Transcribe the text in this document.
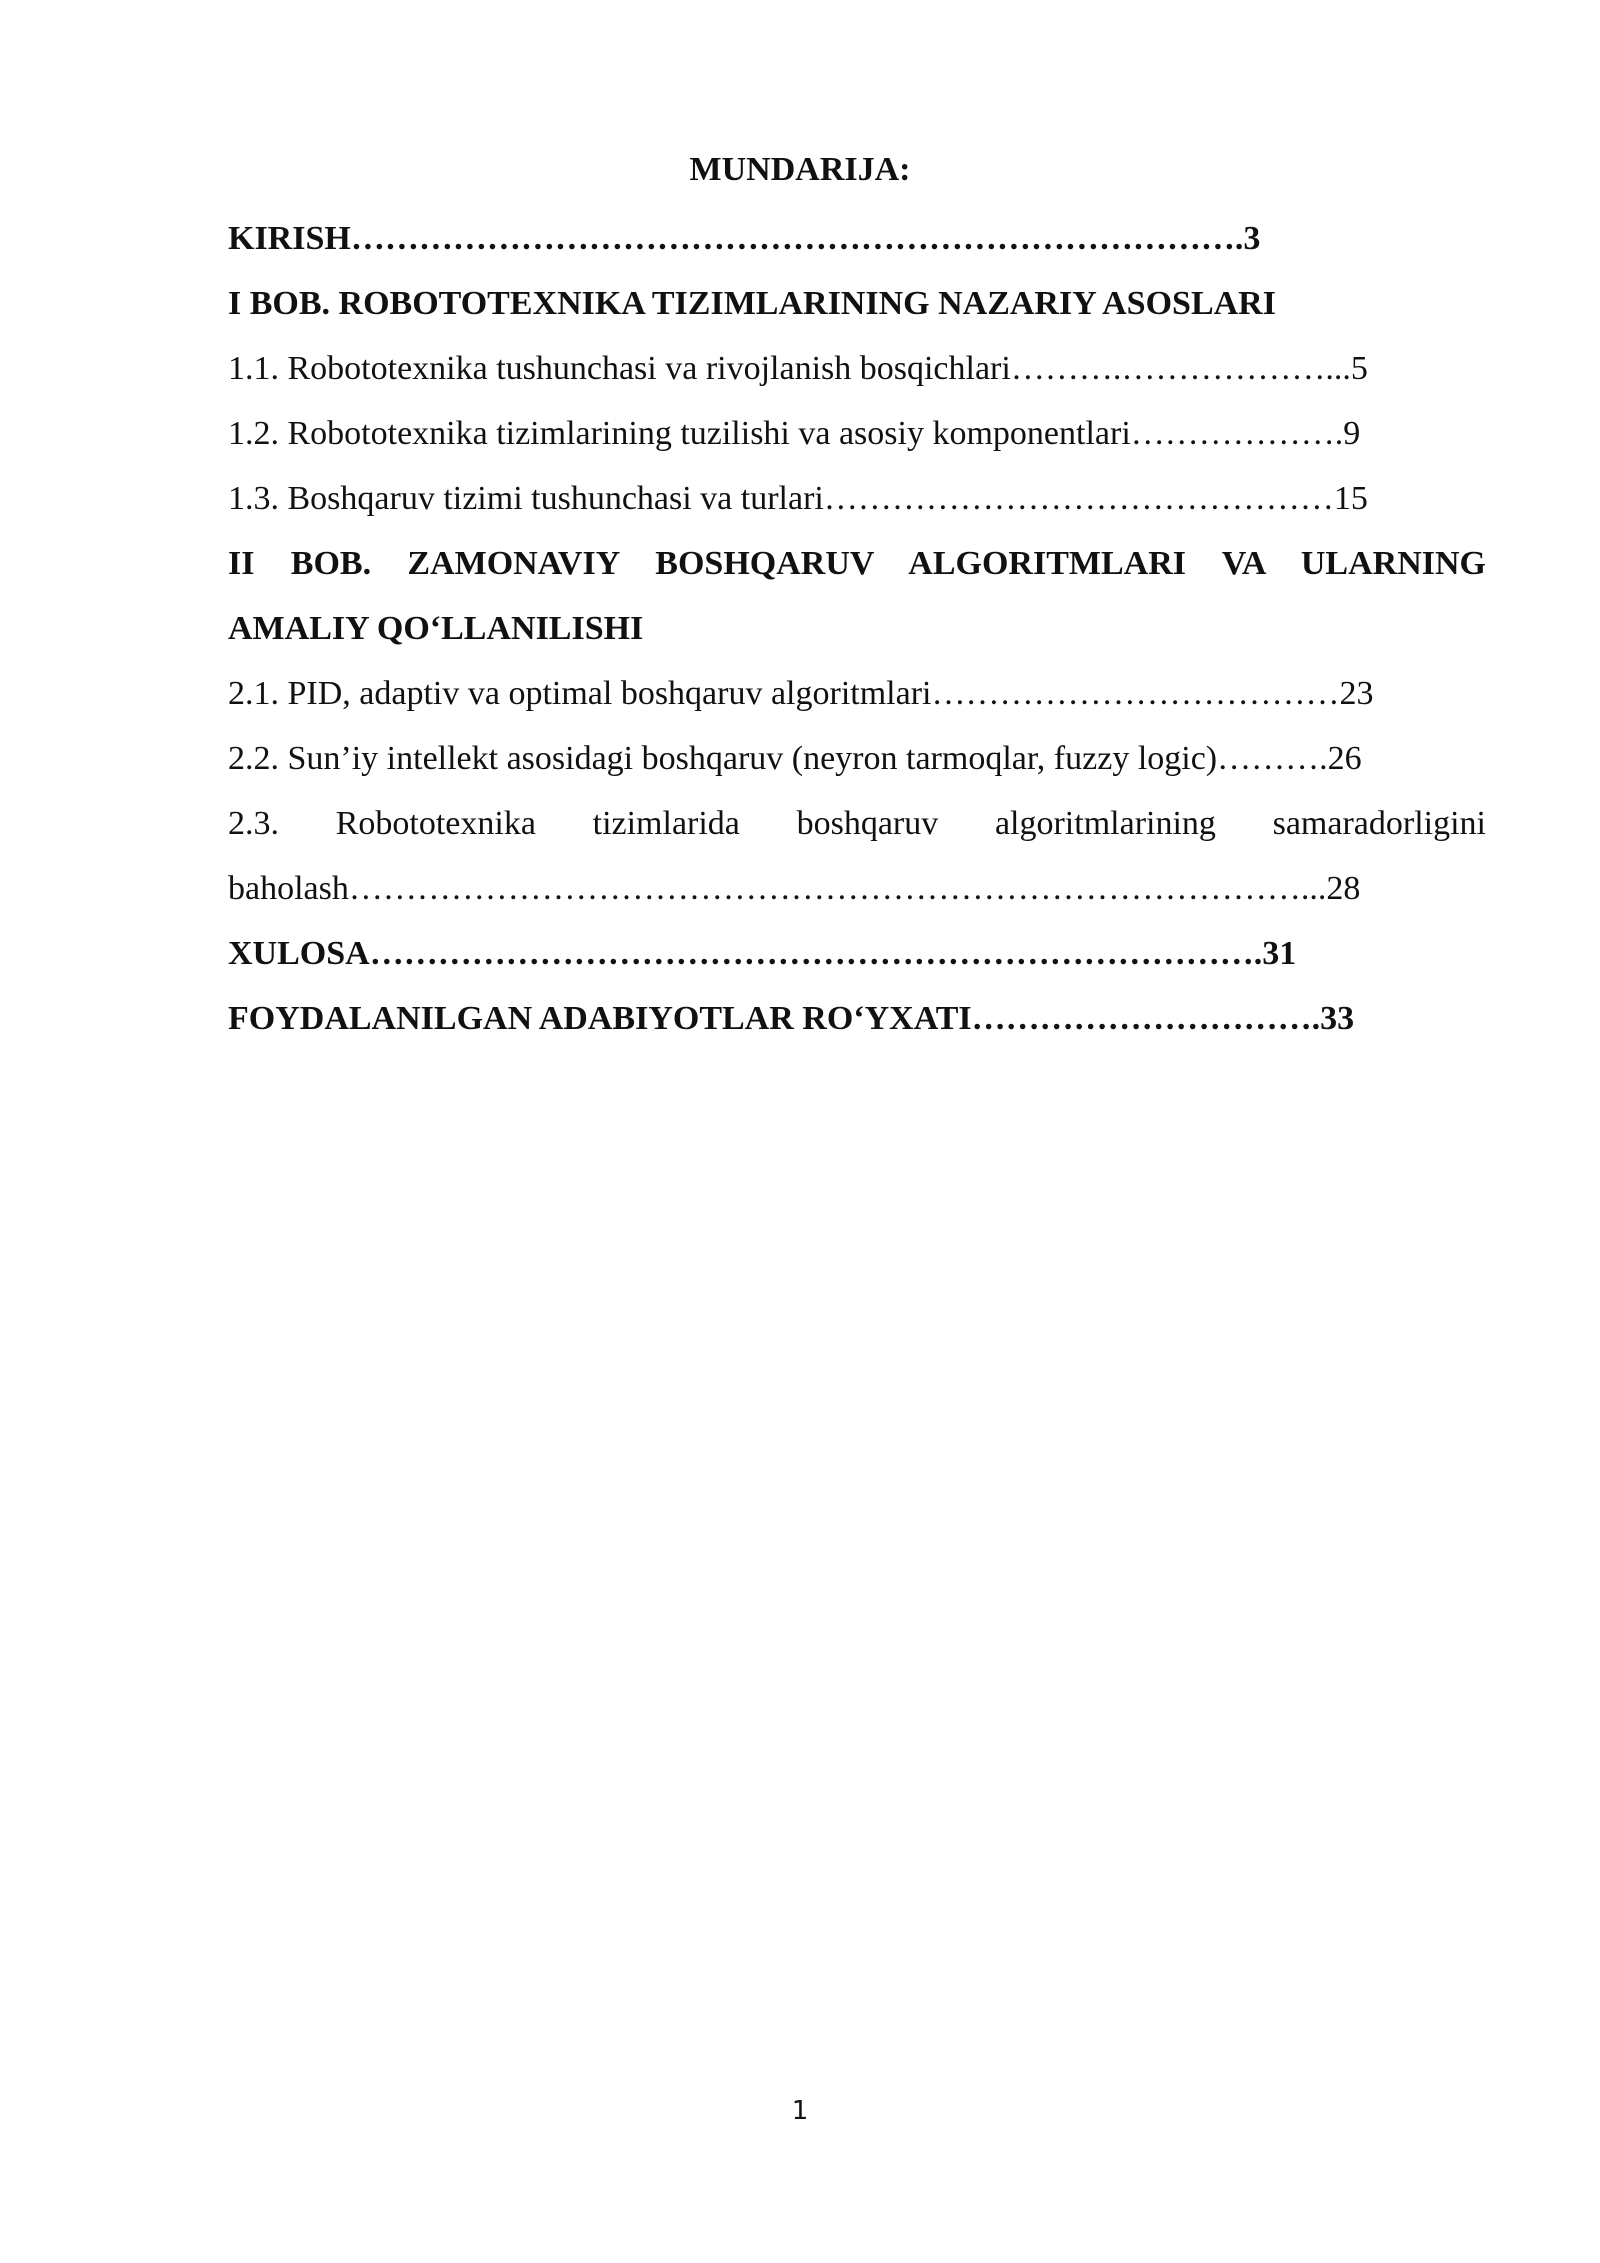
MUNDARIJA:
KIRISH…………………………………………………………………….3
I BOB. ROBOTOTEXNIKA TIZIMLARINING NAZARIY ASOSLARI
1.1. Robototexnika tushunchasi va rivojlanish bosqichlari……….………………...5
1.2. Robototexnika tizimlarining tuzilishi va asosiy komponentlari……………….9
1.3. Boshqaruv tizimi tushunchasi va turlari………………………………………15
II BOB. ZAMONAVIY BOSHQARUV ALGORITMLARI VA ULARNING
AMALIY QO‘LLANILISHI
2.1. PID, adaptiv va optimal boshqaruv algoritmlari………………………………23
2.2. Sun’iy intellekt asosidagi boshqaruv (neyron tarmoqlar, fuzzy logic)……….26
2.3. Robototexnika tizimlarida boshqaruv algoritmlarining samaradorligini
baholash…………………………………………………………………………...28
XULOSA…………………………………………………………………….31
FOYDALANILGAN ADABIYOTLAR RO‘YXATI………………………….33
1
